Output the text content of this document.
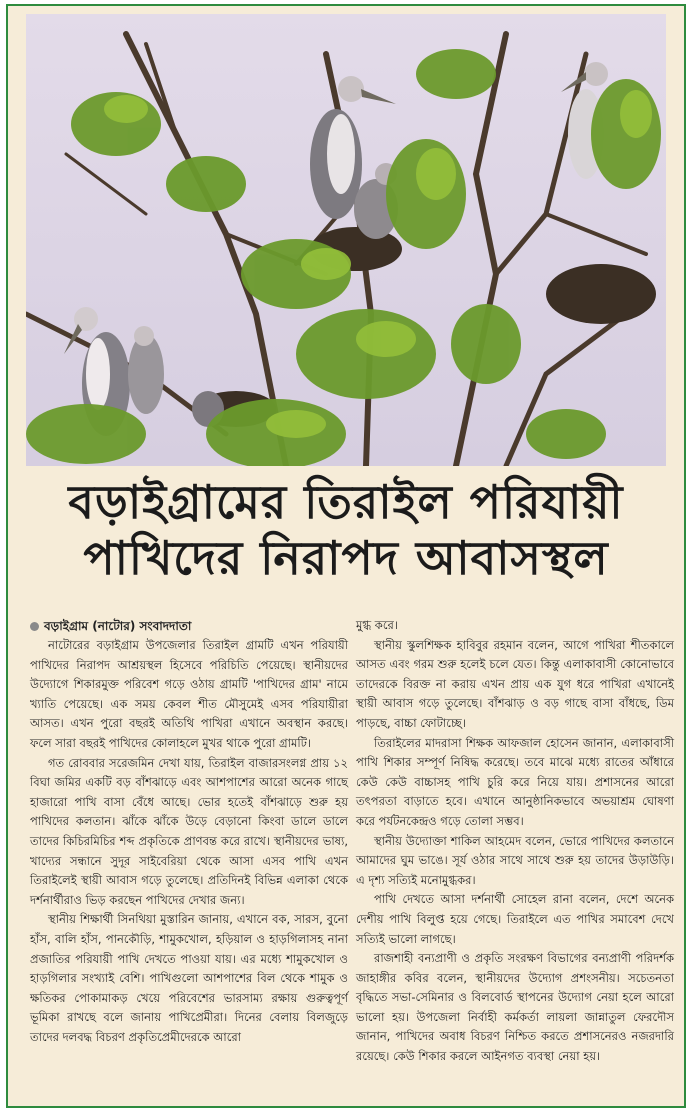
বড়াইগ্রামের তিরাইল পরিযায়ী
পাখিদের নিরাপদ আবাসস্থল
বড়াইগ্রাম (নাটোর) সংবাদদাতা

নাটোরের বড়াইগ্রাম উপজেলার তিরাইল গ্রামটি এখন পরিযায়ী পাখিদের নিরাপদ আশ্রয়স্থল হিসেবে পরিচিতি পেয়েছে। স্থানীয়দের উদ্যোগে শিকারমুক্ত পরিবেশ গড়ে ওঠায় গ্রামটি 'পাখিদের গ্রাম' নামে খ্যাতি পেয়েছে। এক সময় কেবল শীত মৌসুমেই এসব পরিযায়ীরা আসত। এখন পুরো বছরই অতিথি পাখিরা এখানে অবস্থান করছে। ফলে সারা বছরই পাখিদের কোলাহলে মুখর থাকে পুরো গ্রামটি।

গত রোববার সরেজমিন দেখা যায়, তিরাইল বাজারসংলগ্ন প্রায় ১২ বিঘা জমির একটি বড় বাঁশঝাড়ে এবং আশপাশের আরো অনেক গাছে হাজারো পাখি বাসা বেঁধে আছে। ভোর হতেই বাঁশঝাড়ে শুরু হয় পাখিদের কলতান। ঝাঁকে ঝাঁকে উড়ে বেড়ানো কিংবা ডালে ডালে তাদের কিচিরমিচির শব্দ প্রকৃতিকে প্রাণবন্ত করে রাখে। স্থানীয়দের ভাষ্য, খাদ্যের সন্ধানে সুদূর সাইবেরিয়া থেকে আসা এসব পাখি এখন তিরাইলেই স্থায়ী আবাস গড়ে তুলেছে। প্রতিদিনই বিভিন্ন এলাকা থেকে দর্শনার্থীরাও ভিড় করছেন পাখিদের দেখার জন্য।

স্থানীয় শিক্ষার্থী সিনথিয়া মুস্তারিন জানায়, এখানে বক, সারস, বুনো হাঁস, বালি হাঁস, পানকৌড়ি, শামুকখোল, হড়িয়াল ও হাড়গিলাসহ নানা প্রজাতির পরিযায়ী পাখি দেখতে পাওয়া যায়। এর মধ্যে শামুকখোল ও হাড়গিলার সংখ্যাই বেশি। পাখিগুলো আশপাশের বিল থেকে শামুক ও ক্ষতিকর পোকামাকড় খেয়ে পরিবেশের ভারসাম্য রক্ষায় গুরুত্বপূর্ণ ভূমিকা রাখছে বলে জানায় পাখিপ্রেমীরা। দিনের বেলায় বিলজুড়ে তাদের দলবদ্ধ বিচরণ প্রকৃতিপ্রেমীদেরকে আরো

মুগ্ধ করে।

স্থানীয় স্কুলশিক্ষক হাবিবুর রহমান বলেন, আগে পাখিরা শীতকালে আসত এবং গরম শুরু হলেই চলে যেত। কিন্তু এলাকাবাসী কোনোভাবে তাদেরকে বিরক্ত না করায় এখন প্রায় এক যুগ ধরে পাখিরা এখানেই স্থায়ী আবাস গড়ে তুলেছে। বাঁশঝাড় ও বড় গাছে বাসা বাঁধছে, ডিম পাড়ছে, বাচ্চা ফোটাচ্ছে।

তিরাইলের মাদরাসা শিক্ষক আফজাল হোসেন জানান, এলাকাবাসী পাখি শিকার সম্পূর্ণ নিষিদ্ধ করেছে। তবে মাঝে মধ্যে রাতের আঁধারে কেউ কেউ বাচ্চাসহ পাখি চুরি করে নিয়ে যায়। প্রশাসনের আরো তৎপরতা বাড়াতে হবে। এখানে আনুষ্ঠানিকভাবে অভয়াশ্রম ঘোষণা করে পর্যটনকেন্দ্রও গড়ে তোলা সম্ভব।

স্থানীয় উদ্যোক্তা শাকিল আহমেদ বলেন, ভোরে পাখিদের কলতানে আমাদের ঘুম ভাঙে। সূর্য ওঠার সাথে সাথে শুরু হয় তাদের উড়াউড়ি। এ দৃশ্য সত্যিই মনোমুগ্ধকর।

পাখি দেখতে আসা দর্শনার্থী সোহেল রানা বলেন, দেশে অনেক দেশীয় পাখি বিলুপ্ত হয়ে গেছে। তিরাইলে এত পাখির সমাবেশ দেখে সত্যিই ভালো লাগছে।

রাজশাহী বন্যপ্রাণী ও প্রকৃতি সংরক্ষণ বিভাগের বন্যপ্রাণী পরিদর্শক জাহাঙ্গীর কবির বলেন, স্থানীয়দের উদ্যোগ প্রশংসনীয়। সচেতনতা বৃদ্ধিতে সভা-সেমিনার ও বিলবোর্ড স্থাপনের উদ্যোগ নেয়া হলে আরো ভালো হয়। উপজেলা নির্বাহী কর্মকর্তা লায়লা জান্নাতুল ফেরদৌস জানান, পাখিদের অবাধ বিচরণ নিশ্চিত করতে প্রশাসনেরও নজরদারি রয়েছে। কেউ শিকার করলে আইনগত ব্যবস্থা নেয়া হয়।
